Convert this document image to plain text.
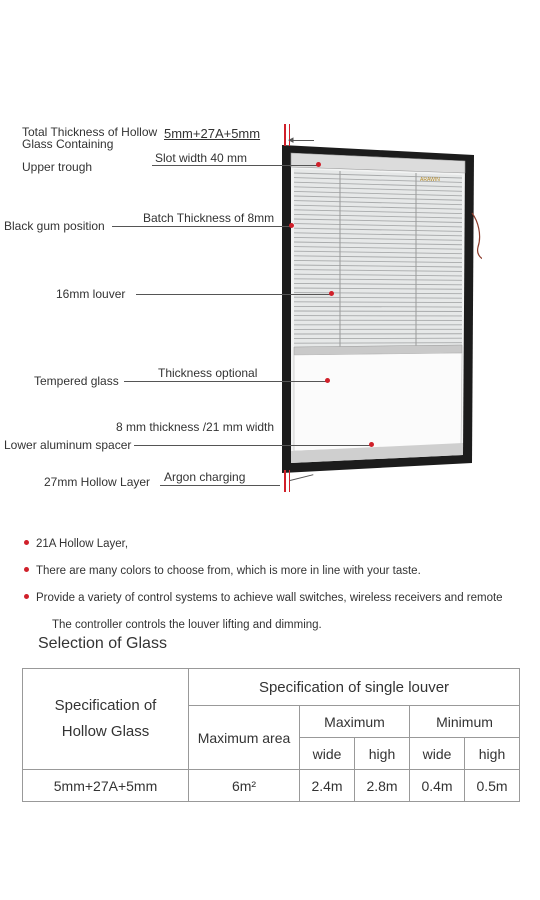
ARAWIN
◂
Total Thickness of Hollow
Glass Containing
5mm+27A+5mm
Slot width 40 mm
Upper trough
Batch Thickness of 8mm
Black gum position
16mm louver
Thickness optional
Tempered glass
8 mm thickness /21 mm width
Lower aluminum spacer
Argon charging
27mm Hollow Layer
21A Hollow Layer,
There are many colors to choose from, which is more in line with your taste.
Provide a variety of control systems to achieve wall switches, wireless receivers and remote
The controller controls the louver lifting and dimming.
Selection of Glass
Specification of
Hollow Glass	Specification of single louver				
	Maximum area	Maximum		Minimum	
		wide	high	wide	high
5mm+27A+5mm	6m²	2.4m	2.8m	0.4m	0.5m
